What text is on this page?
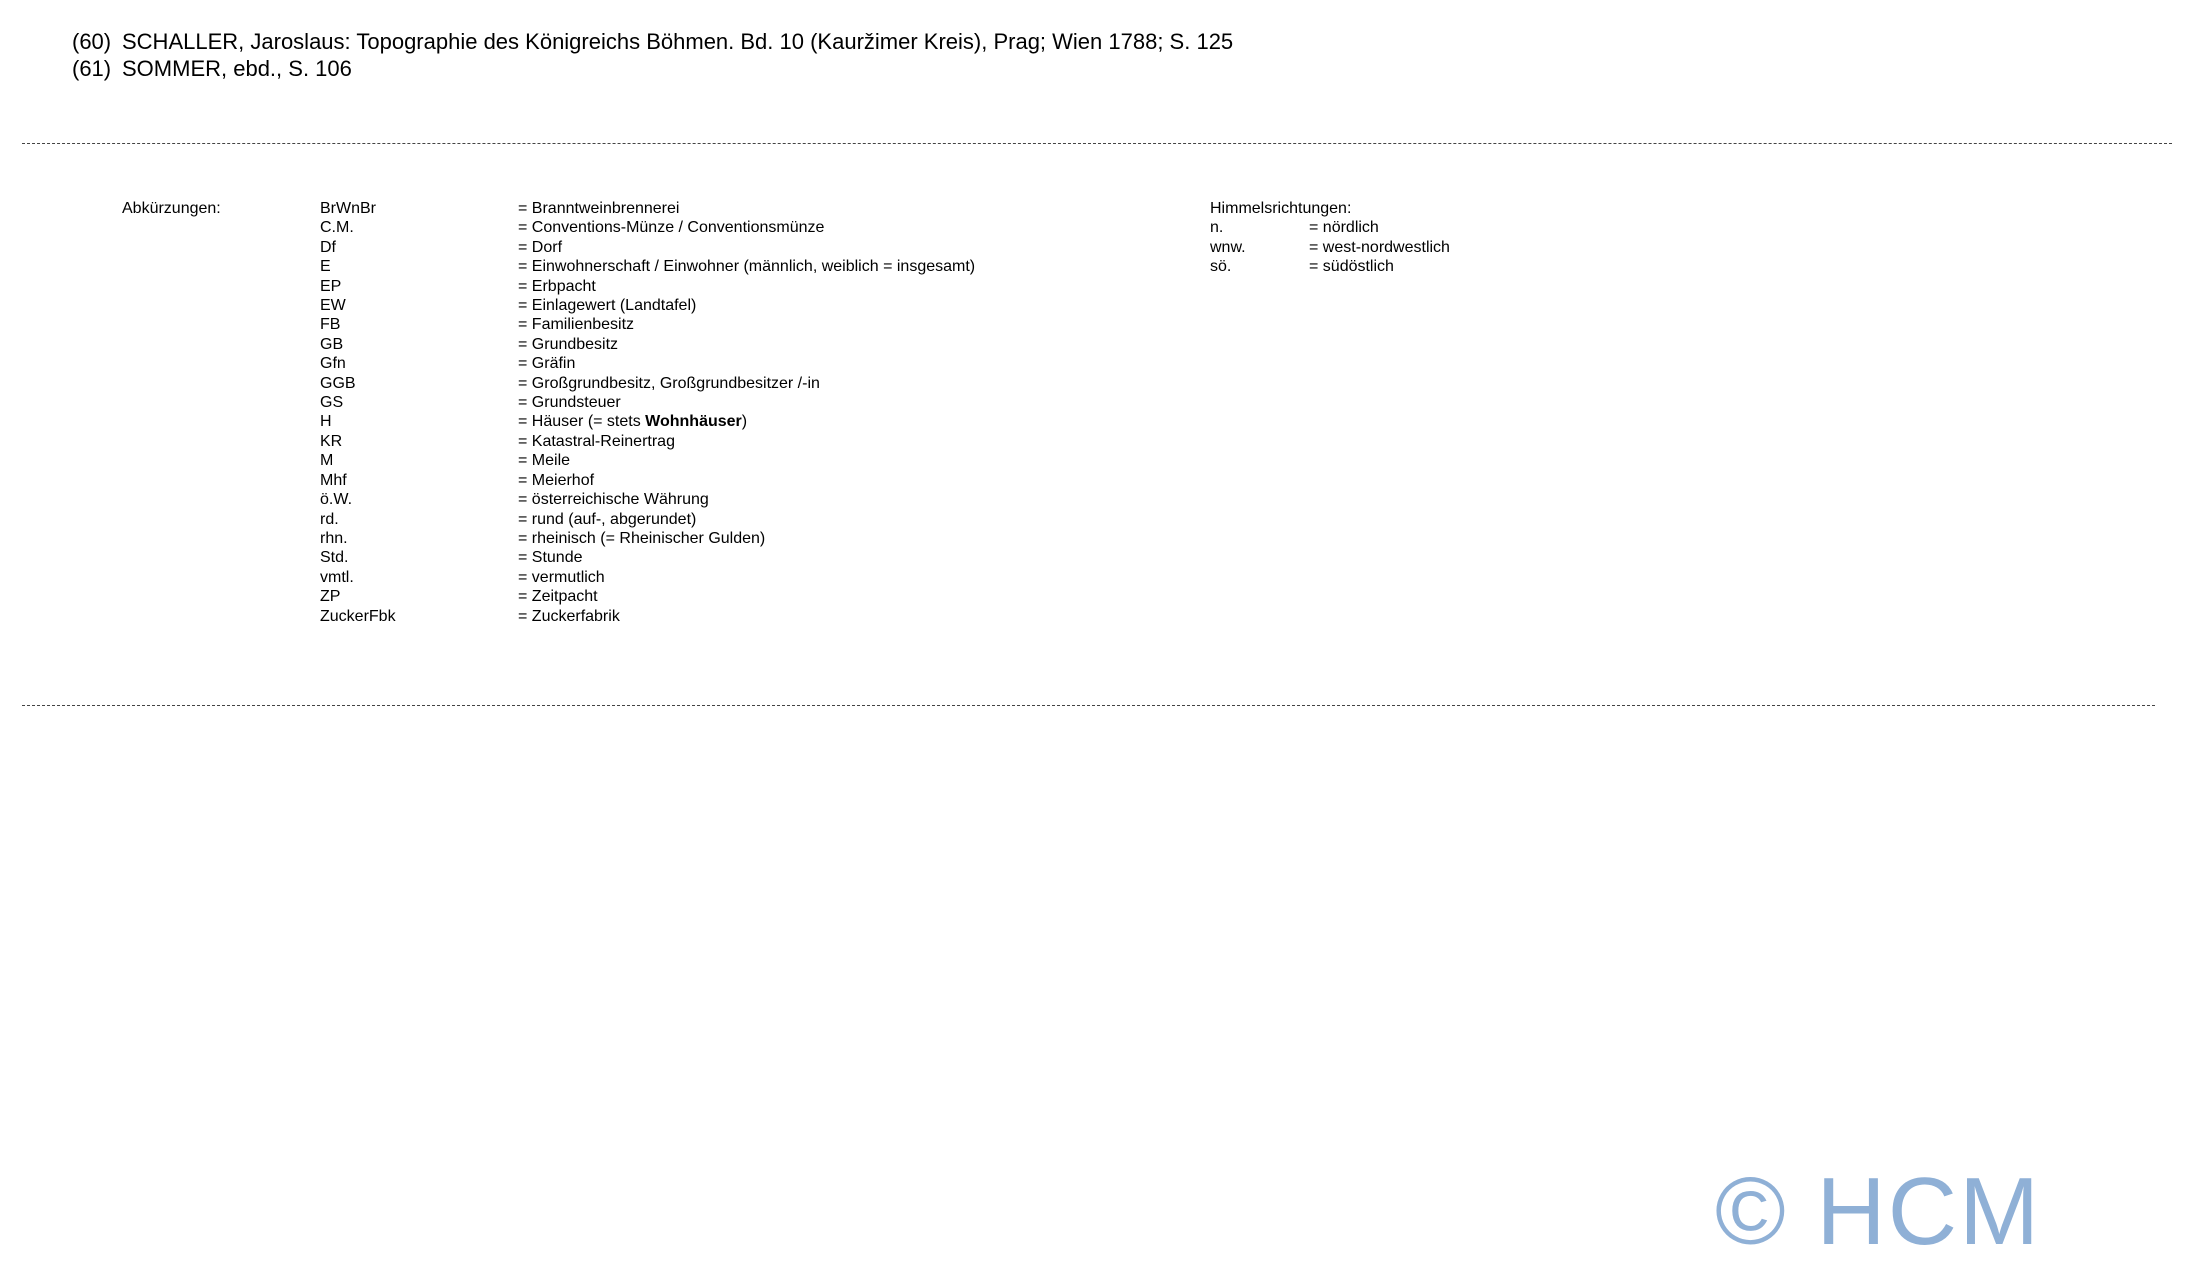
(60) SCHALLER, Jaroslaus: Topographie des Königreichs Böhmen. Bd. 10 (Kauržimer Kreis), Prag; Wien 1788; S. 125
(61) SOMMER, ebd., S. 106
Abkürzungen:	BrWnBr	= Branntweinbrennerei
C.M.	= Conventions-Münze / Conventionsmünze
Df	= Dorf
E	= Einwohnerschaft / Einwohner (männlich, weiblich = insgesamt)
EP	= Erbpacht
EW	= Einlagewert (Landtafel)
FB	= Familienbesitz
GB	= Grundbesitz
Gfn	= Gräfin
GGB	= Großgrundbesitz, Großgrundbesitzer /-in
GS	= Grundsteuer
H	= Häuser (= stets Wohnhäuser)
KR	= Katastral-Reinertrag
M	= Meile
Mhf	= Meierhof
ö.W.	= österreichische Währung
rd.	= rund (auf-, abgerundet)
rhn.	= rheinisch (= Rheinischer Gulden)
Std.	= Stunde
vmtl.	= vermutlich
ZP	= Zeitpacht
ZuckerFbk	= Zuckerfabrik
Himmelsrichtungen:
n.	= nördlich
wnw.	= west-nordwestlich
sö.	= südöstlich
© HCM
